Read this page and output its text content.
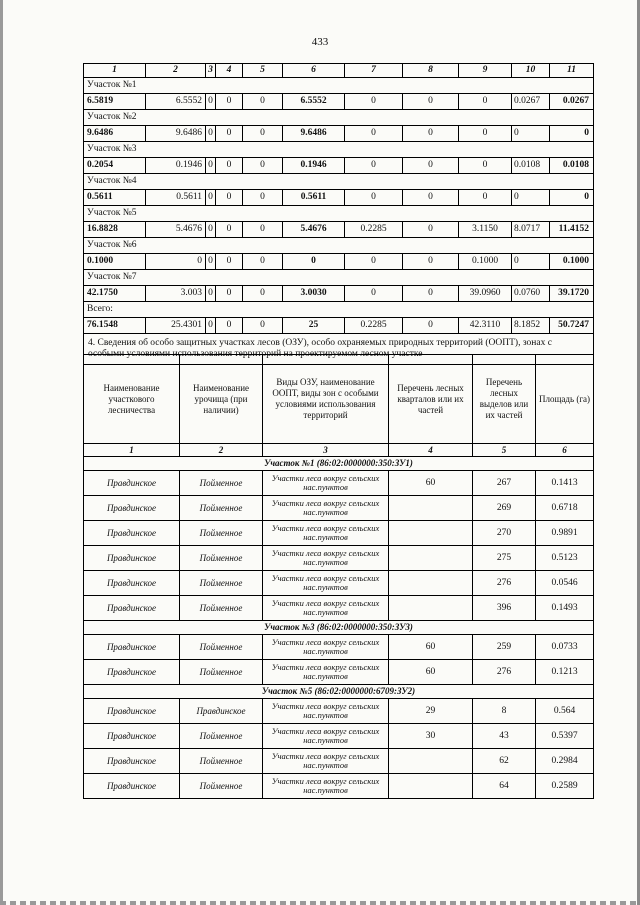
433
1	2	3	4	5	6	7	8	9	10	11
Участок №1										
6.5819	6.5552	0	0	0	6.5552	0	0	0	0.0267	0.0267
Участок №2										
9.6486	9.6486	0	0	0	9.6486	0	0	0	0	0
Участок №3										
0.2054	0.1946	0	0	0	0.1946	0	0	0	0.0108	0.0108
Участок №4										
0.5611	0.5611	0	0	0	0.5611	0	0	0	0	0
Участок №5										
16.8828	5.4676	0	0	0	5.4676	0.2285	0	3.1150	8.0717	11.4152
Участок №6										
0.1000	0	0	0	0	0	0	0	0.1000	0	0.1000
Участок №7										
42.1750	3.003	0	0	0	3.0030	0	0	39.0960	0.0760	39.1720
Всего:										
76.1548	25.4301	0	0	0	25	0.2285	0	42.3110	8.1852	50.7247
4. Сведения об особо защитных участках лесов (ОЗУ), особо охраняемых природных территорий (ООПТ), зонах с особыми условиями использования территорий на проектируемом лесном участке										
Наименование участкового лесничества	Наименование урочища (при наличии)	Виды ОЗУ, наименование ООПТ, виды зон с особыми условиями использования территорий	Перечень лесных кварталов или их частей	Перечень лесных выделов или их частей	Площадь (га)
1	2	3	4	5	6
Участок №1 (86:02:0000000:350:ЗУ1)					
Правдинское	Пойменное	Участки леса вокруг сельских нас.пунктов	60	267	0.1413
Правдинское	Пойменное	Участки леса вокруг сельских нас.пунктов		269	0.6718
Правдинское	Пойменное	Участки леса вокруг сельских нас.пунктов		270	0.9891
Правдинское	Пойменное	Участки леса вокруг сельских нас.пунктов		275	0.5123
Правдинское	Пойменное	Участки леса вокруг сельских нас.пунктов		276	0.0546
Правдинское	Пойменное	Участки леса вокруг сельских нас.пунктов		396	0.1493
Участок №3 (86:02:0000000:350:ЗУ3)					
Правдинское	Пойменное	Участки леса вокруг сельских нас.пунктов	60	259	0.0733
Правдинское	Пойменное	Участки леса вокруг сельских нас.пунктов	60	276	0.1213
Участок №5 (86:02:0000000:6709:ЗУ2)					
Правдинское	Правдинское	Участки леса вокруг сельских нас.пунктов	29	8	0.564
Правдинское	Пойменное	Участки леса вокруг сельских нас.пунктов	30	43	0.5397
Правдинское	Пойменное	Участки леса вокруг сельских нас.пунктов		62	0.2984
Правдинское	Пойменное	Участки леса вокруг сельских нас.пунктов		64	0.2589
